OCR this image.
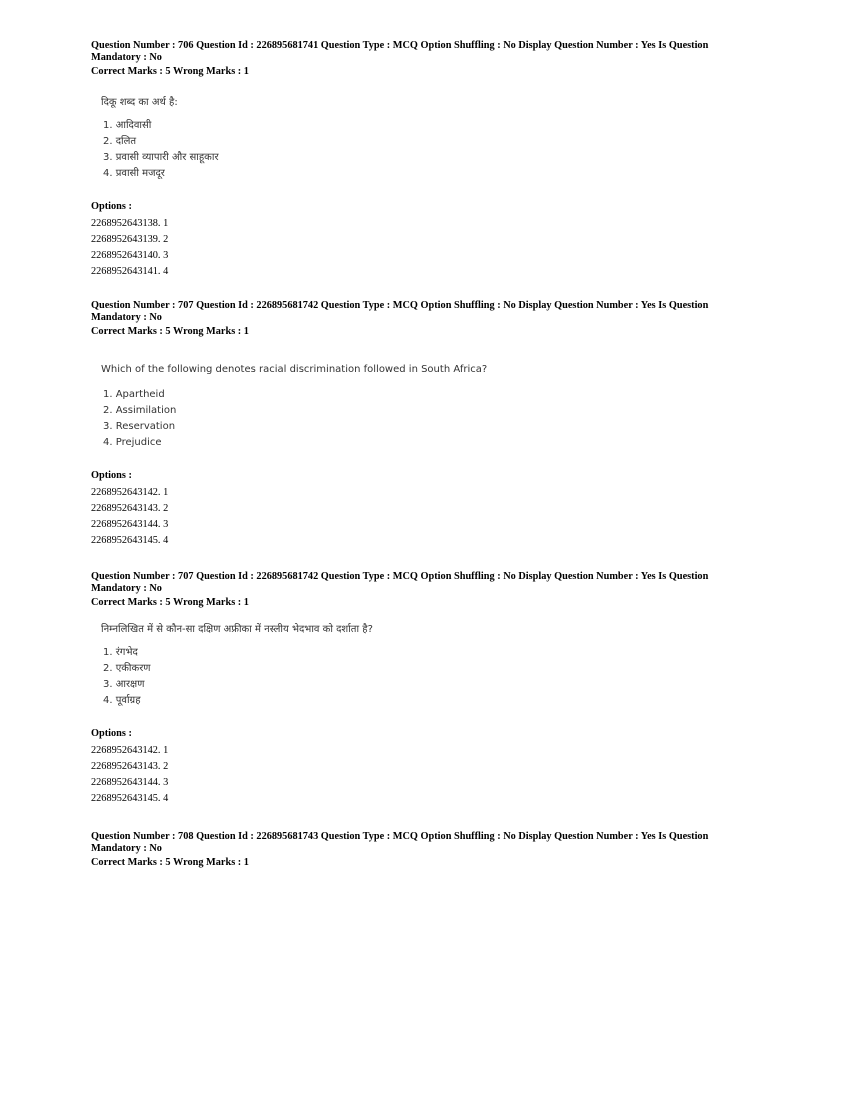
Question Number : 706 Question Id : 226895681741 Question Type : MCQ Option Shuffling : No Display Question Number : Yes Is Question

Mandatory : No

Correct Marks : 5 Wrong Marks : 1

दिकू शब्द का अर्थ है:

1. आदिवासी
2. दलित
3. प्रवासी व्यापारी और साहूकार
4. प्रवासी मजदूर

Options :

2268952643138. 1
2268952643139. 2
2268952643140. 3
2268952643141. 4

Question Number : 707 Question Id : 226895681742 Question Type : MCQ Option Shuffling : No Display Question Number : Yes Is Question

Mandatory : No

Correct Marks : 5 Wrong Marks : 1

Which of the following denotes racial discrimination followed in South Africa?

1. Apartheid
2. Assimilation
3. Reservation
4. Prejudice

Options :

2268952643142. 1
2268952643143. 2
2268952643144. 3
2268952643145. 4

Question Number : 707 Question Id : 226895681742 Question Type : MCQ Option Shuffling : No Display Question Number : Yes Is Question

Mandatory : No

Correct Marks : 5 Wrong Marks : 1

निम्नलिखित में से कौन-सा दक्षिण अफ्रीका में नस्लीय भेदभाव को दर्शाता है?

1. रंगभेद
2. एकीकरण
3. आरक्षण
4. पूर्वाग्रह

Options :

2268952643142. 1
2268952643143. 2
2268952643144. 3
2268952643145. 4

Question Number : 708 Question Id : 226895681743 Question Type : MCQ Option Shuffling : No Display Question Number : Yes Is Question

Mandatory : No

Correct Marks : 5 Wrong Marks : 1
